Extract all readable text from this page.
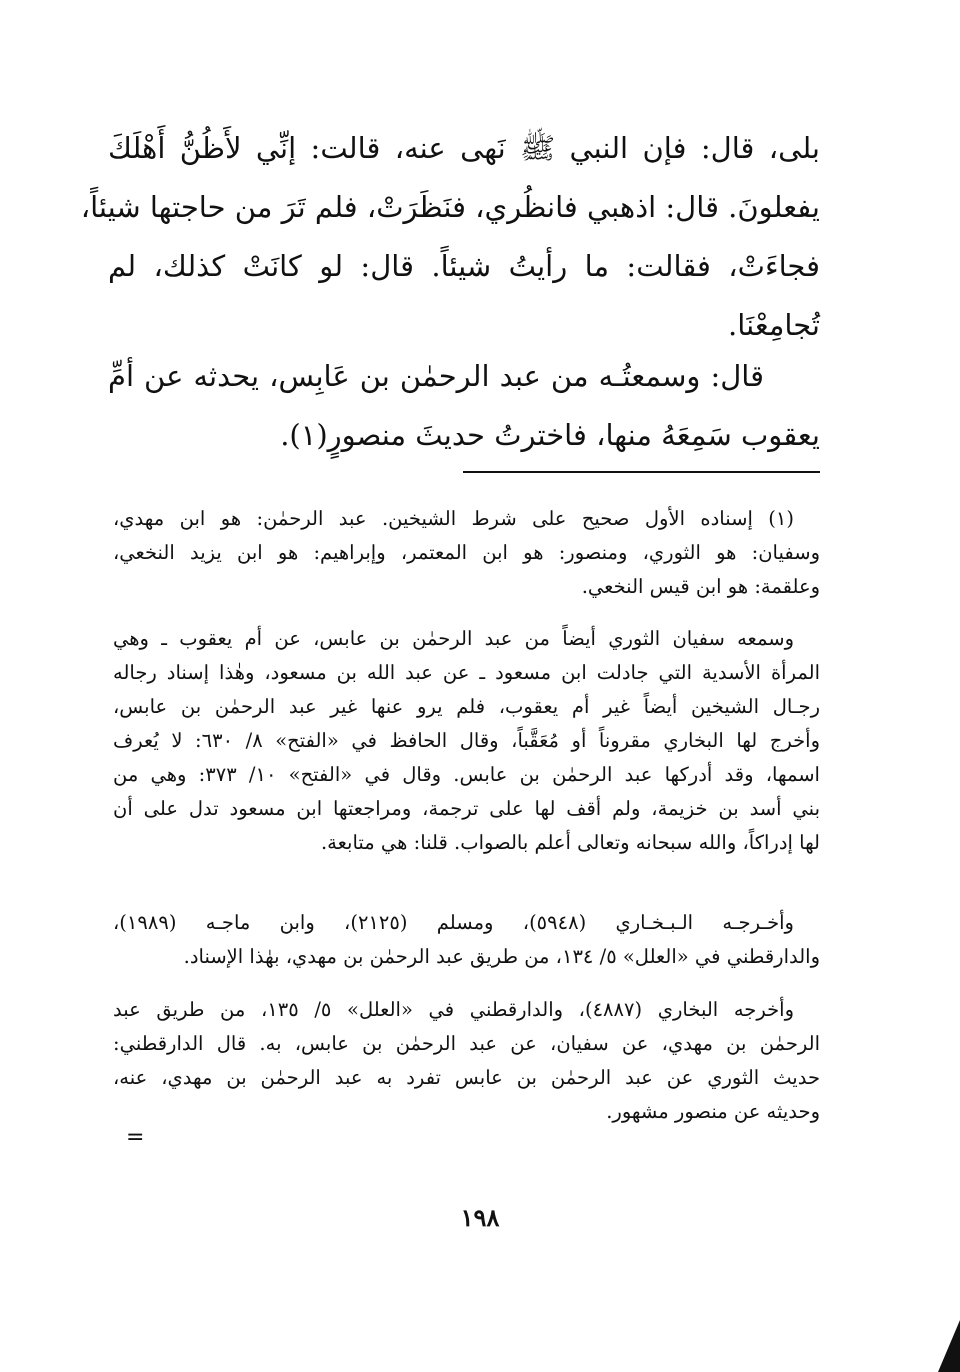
بلى، قال: فإن النبي ﷺ نَهى عنه، قالت: إنِّي لأَظُنُّ أَهْلَكَ
يفعلونَ. قال: اذهبي فانظُري، فنَظَرَتْ، فلم تَرَ من حاجتها شيئاً،
فجاءَتْ، فقالت: ما رأيتُ شيئاً. قال: لو كانَتْ كذلك، لم
تُجامِعْنَا.
قال: وسمعتُـه من عبد الرحمٰن بن عَابِس، يحدثه عن أمِّ
يعقوب سَمِعَهُ منها، فاخترتُ حديثَ منصورٍ(١).
(١) إسناده الأول صحيح على شرط الشيخين. عبد الرحمٰن: هو ابن مهدي،
وسفيان: هو الثوري، ومنصور: هو ابن المعتمر، وإبراهيم: هو ابن يزيد النخعي،
وعلقمة: هو ابن قيس النخعي.
وسمعه سفيان الثوري أيضاً من عبد الرحمٰن بن عابس، عن أم يعقوب ـ وهي
المرأة الأسدية التي جادلت ابن مسعود ـ عن عبد الله بن مسعود، وهٰذا إسناد رجاله
رجـال الشيخين أيضاً غير أم يعقوب، فلم يرو عنها غير عبد الرحمٰن بن عابس،
وأخرج لها البخاري مقروناً أو مُعَقَّباً، وقال الحافظ في «الفتح» ٨/ ٦٣٠: لا يُعرف
اسمها، وقد أدركها عبد الرحمٰن بن عابس. وقال في «الفتح» ١٠/ ٣٧٣: وهي من
بني أسد بن خزيمة، ولم أقف لها على ترجمة، ومراجعتها ابن مسعود تدل على أن
لها إدراكاً، والله سبحانه وتعالى أعلم بالصواب. قلنا: هي متابعة.
وأخـرجـه الـبـخـاري (٥٩٤٨)، ومسلم (٢١٢٥)، وابن ماجـه (١٩٨٩)،
والدارقطني في «العلل» ٥/ ١٣٤، من طريق عبد الرحمٰن بن مهدي، بهٰذا الإسناد.
وأخرجه البخاري (٤٨٨٧)، والدارقطني في «العلل» ٥/ ١٣٥، من طريق عبد
الرحمٰن بن مهدي، عن سفيان، عن عبد الرحمٰن بن عابس، به. قال الدارقطني:
حديث الثوري عن عبد الرحمٰن بن عابس تفرد به عبد الرحمٰن بن مهدي، عنه،
وحديثه عن منصور مشهور.
=
١٩٨
